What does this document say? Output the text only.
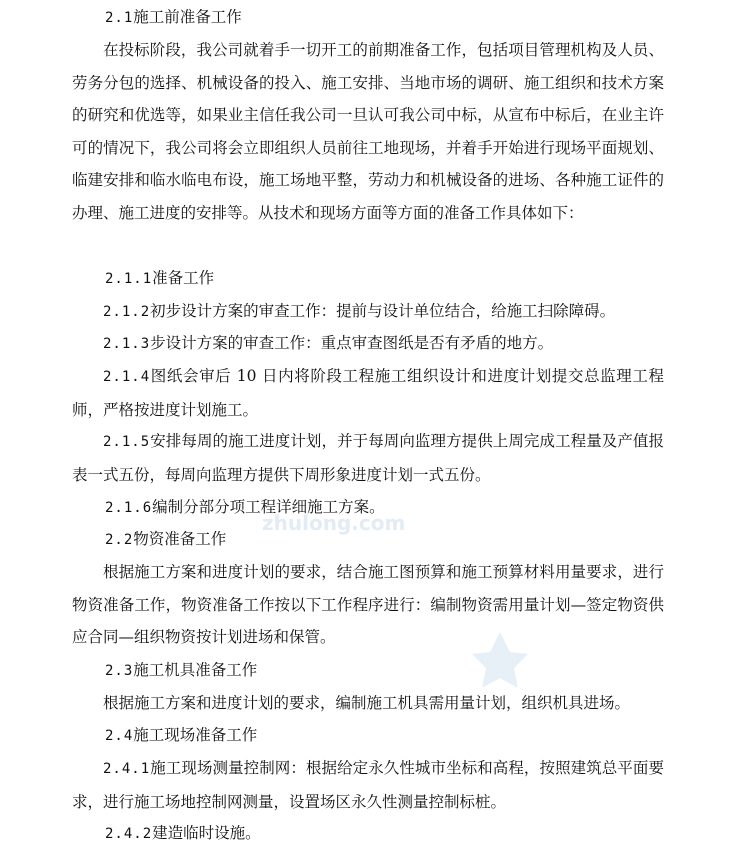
zhulong.com

2.1施工前准备工作

在投标阶段，我公司就着手一切开工的前期准备工作，包括项目管理机构及人员、劳务分包的选择、机械设备的投入、施工安排、当地市场的调研、施工组织和技术方案的研究和优选等，如果业主信任我公司一旦认可我公司中标，从宣布中标后，在业主许可的情况下，我公司将会立即组织人员前往工地现场，并着手开始进行现场平面规划、临建安排和临水临电布设，施工场地平整，劳动力和机械设备的进场、各种施工证件的办理、施工进度的安排等。从技术和现场方面等方面的准备工作具体如下：

2.1.1准备工作

2.1.2初步设计方案的审查工作：提前与设计单位结合，给施工扫除障碍。

2.1.3步设计方案的审查工作：重点审查图纸是否有矛盾的地方。

2.1.4图纸会审后 10 日内将阶段工程施工组织设计和进度计划提交总监理工程师，严格按进度计划施工。

2.1.5安排每周的施工进度计划，并于每周向监理方提供上周完成工程量及产值报表一式五份，每周向监理方提供下周形象进度计划一式五份。

2.1.6编制分部分项工程详细施工方案。

2.2物资准备工作

根据施工方案和进度计划的要求，结合施工图预算和施工预算材料用量要求，进行物资准备工作，物资准备工作按以下工作程序进行：编制物资需用量计划—签定物资供应合同—组织物资按计划进场和保管。

2.3施工机具准备工作

根据施工方案和进度计划的要求，编制施工机具需用量计划，组织机具进场。

2.4施工现场准备工作

2.4.1施工现场测量控制网：根据给定永久性城市坐标和高程，按照建筑总平面要求，进行施工场地控制网测量，设置场区永久性测量控制标桩。

2.4.2建造临时设施。
